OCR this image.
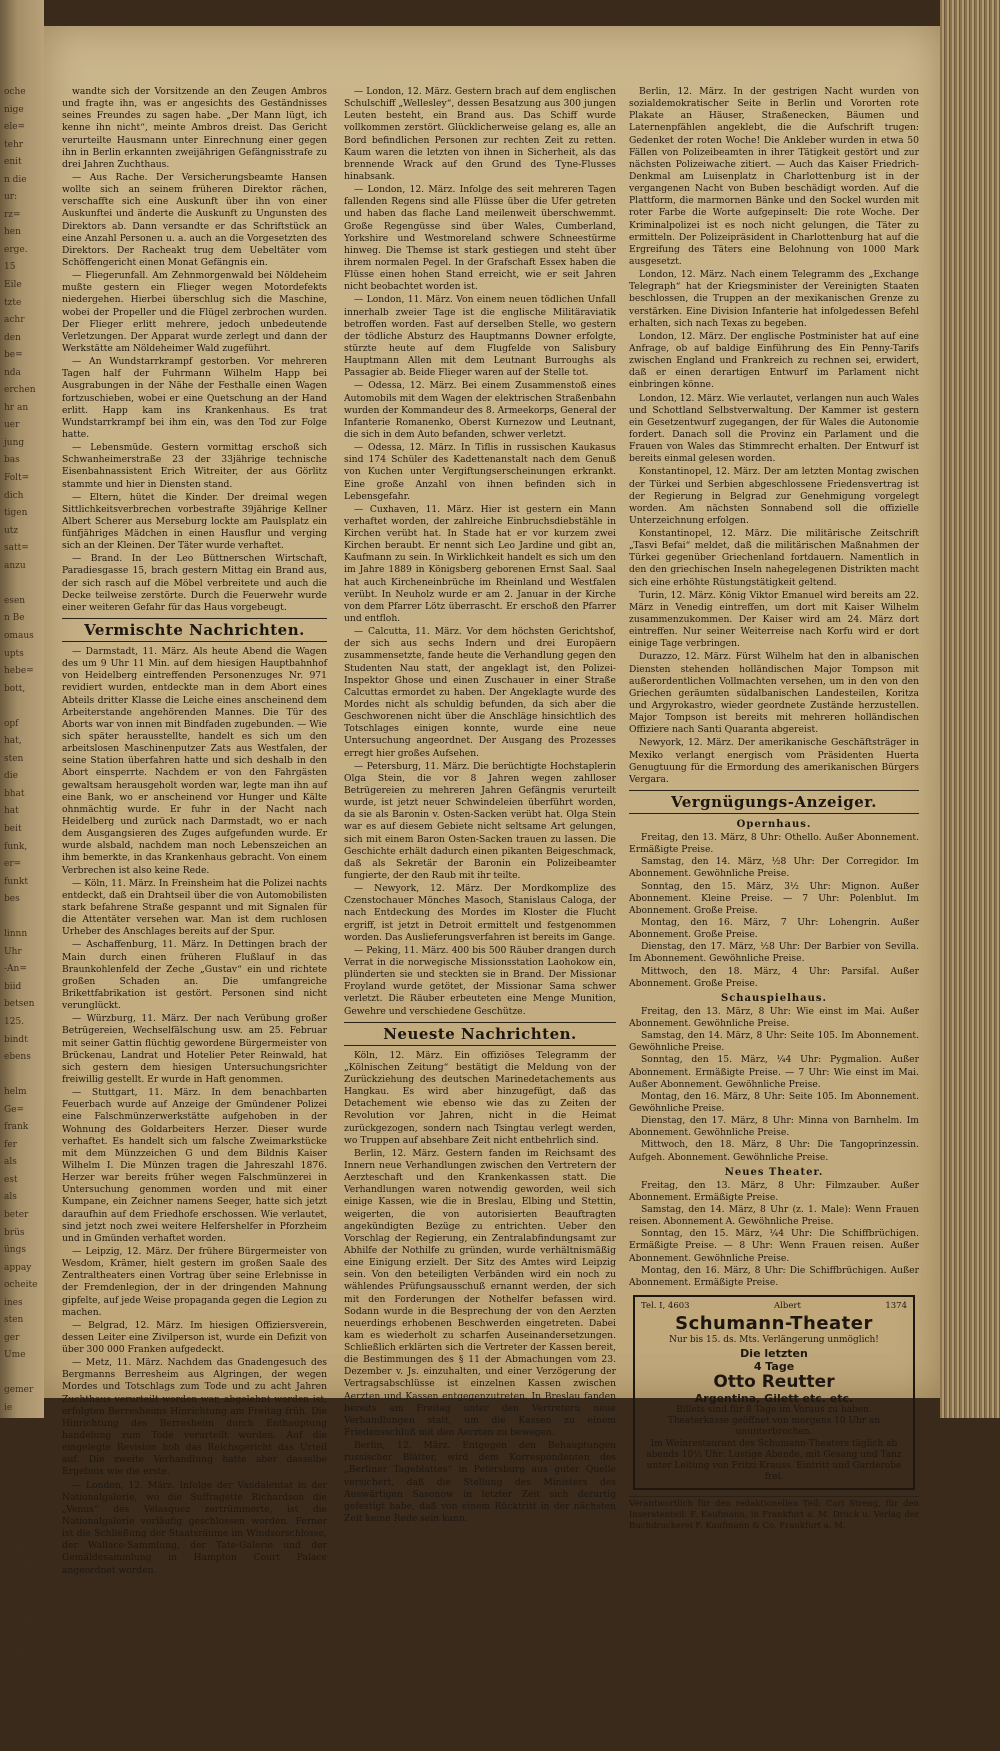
oche
nige
ele=
tehr
enit
n die
ur:
rz=
hen
erge.
15
Eile
tzte
achr
den
be=
nda
erchen
hr an
uer
jung
bas
Folt=
dich
tigen
utz
satt=
anzu

esen
n Be
omaus
upts
hebe=
bott,

opf
hat,
sten
die
bhat
hat
beit
funk,
er=
funkt
bes

linnn
Uhr
-An=
biid
betsen
125.
bindt
ebens

helm
Ge=
frank
fer
als
est
als
beter
brüs
üngs
appay
ocheite
ines
sten
ger
Ume

gemer
ie
zul
hie
chi
weniger
löse
wards

fennen
brecht
aruen
reine
belcher
Haus
nalms
Ber
bulen
belons
rthe
1 Han

wandte sich der Vorsitzende an den Zeugen Ambros und fragte ihn, was er angesichts des Geständnisses seines Freundes zu sagen habe. „Der Mann lügt, ich kenne ihn nicht“, meinte Ambros dreist. Das Gericht verurteilte Hausmann unter Einrechnung einer gegen ihn in Berlin erkannten zweijährigen Gefängnisstrafe zu drei Jahren Zuchthaus.

— Aus Rache. Der Versicherungsbeamte Hansen wollte sich an seinem früheren Direktor rächen, verschaffte sich eine Auskunft über ihn von einer Auskunftei und änderte die Auskunft zu Ungunsten des Direktors ab. Dann versandte er das Schriftstück an eine Anzahl Personen u. a. auch an die Vorgesetzten des Direktors. Der Racheakt trug dem Uebeltäter vom Schöffengericht einen Monat Gefängnis ein.

— Fliegerunfall. Am Zehnmorgenwald bei Nöldeheim mußte gestern ein Flieger wegen Motordefekts niedergehen. Hierbei überschlug sich die Maschine, wobei der Propeller und die Flügel zerbrochen wurden. Der Flieger erlitt mehrere, jedoch unbedeutende Verletzungen. Der Apparat wurde zerlegt und dann der Werkstätte am Nöldeheimer Wald zugeführt.

— An Wundstarrkrampf gestorben. Vor mehreren Tagen half der Fuhrmann Wilhelm Happ bei Ausgrabungen in der Nähe der Festhalle einen Wagen fortzuschieben, wobei er eine Quetschung an der Hand erlitt. Happ kam ins Krankenhaus. Es trat Wundstarrkrampf bei ihm ein, was den Tod zur Folge hatte.

— Lebensmüde. Gestern vormittag erschoß sich Schwanheimerstraße 23 der 33jährige technische Eisenbahnassistent Erich Witreiter, der aus Görlitz stammte und hier in Diensten stand.

— Eltern, hütet die Kinder. Der dreimal wegen Sittlichkeitsverbrechen vorbestrafte 39jährige Kellner Albert Scherer aus Merseburg lockte am Paulsplatz ein fünfjähriges Mädchen in einen Hausflur und verging sich an der Kleinen. Der Täter wurde verhaftet.

— Brand. In der Leo Büttnerschen Wirtschaft, Paradiesgasse 15, brach gestern Mittag ein Brand aus, der sich rasch auf die Möbel verbreitete und auch die Decke teilweise zerstörte. Durch die Feuerwehr wurde einer weiteren Gefahr für das Haus vorgebeugt.

Vermischte Nachrichten.

— Darmstadt, 11. März. Als heute Abend die Wagen des um 9 Uhr 11 Min. auf dem hiesigen Hauptbahnhof von Heidelberg eintreffenden Personenzuges Nr. 971 revidiert wurden, entdeckte man in dem Abort eines Abteils dritter Klasse die Leiche eines anscheinend dem Arbeiterstande angehörenden Mannes. Die Tür des Aborts war von innen mit Bindfaden zugebunden. — Wie sich später herausstellte, handelt es sich um den arbeitslosen Maschinenputzer Zats aus Westfalen, der seine Station überfahren hatte und sich deshalb in den Abort einsperrte. Nachdem er von den Fahrgästen gewaltsam herausgeholt worden war, legte man ihn auf eine Bank, wo er anscheinend vor Hunger und Kälte ohnmächtig wurde. Er fuhr in der Nacht nach Heidelberg und zurück nach Darmstadt, wo er nach dem Ausgangsieren des Zuges aufgefunden wurde. Er wurde alsbald, nachdem man noch Lebenszeichen an ihm bemerkte, in das Krankenhaus gebracht. Von einem Verbrechen ist also keine Rede.

— Köln, 11. März. In Freinsheim hat die Polizei nachts entdeckt, daß ein Drahtseil über die von Automobilisten stark befahrene Straße gespannt und mit Signalen für die Attentäter versehen war. Man ist dem ruchlosen Urheber des Anschlages bereits auf der Spur.

— Aschaffenburg, 11. März. In Dettingen brach der Main durch einen früheren Flußlauf in das Braunkohlenfeld der Zeche „Gustav“ ein und richtete großen Schaden an. Die umfangreiche Brikettfabrikation ist gestört. Personen sind nicht verunglückt.

— Würzburg, 11. März. Der nach Verübung großer Betrügereien, Wechselfälschung usw. am 25. Februar mit seiner Gattin flüchtig gewordene Bürgermeister von Brückenau, Landrat und Hotelier Peter Reinwald, hat sich gestern dem hiesigen Untersuchungsrichter freiwillig gestellt. Er wurde in Haft genommen.

— Stuttgart, 11. März. In dem benachbarten Feuerbach wurde auf Anzeige der Gmündener Polizei eine Falschmünzerwerkstätte aufgehoben in der Wohnung des Goldarbeiters Herzer. Dieser wurde verhaftet. Es handelt sich um falsche Zweimarkstücke mit dem Münzzeichen G und dem Bildnis Kaiser Wilhelm I. Die Münzen tragen die Jahreszahl 1876. Herzer war bereits früher wegen Falschmünzerei in Untersuchung genommen worden und mit einer Kumpane, ein Zeichner namens Seeger, hatte sich jetzt daraufhin auf dem Friedhofe erschossen. Wie verlautet, sind jetzt noch zwei weitere Helfershelfer in Pforzheim und in Gmünden verhaftet worden.

— Leipzig, 12. März. Der frühere Bürgermeister von Wesdom, Krämer, hielt gestern im großen Saale des Zentraltheaters einen Vortrag über seine Erlebnisse in der Fremdenlegion, der in der dringenden Mahnung gipfelte, auf jede Weise propaganda gegen die Legion zu machen.

— Belgrad, 12. März. Im hiesigen Offiziersverein, dessen Leiter eine Zivilperson ist, wurde ein Defizit von über 300 000 Franken aufgedeckt.

— Metz, 11. März. Nachdem das Gnadengesuch des Bergmanns Berresheim aus Algringen, der wegen Mordes und Totschlags zum Tode und zu acht Jahren Zuchthaus verurteilt worden war, abgelehnt worden ist, erfolgten Berresheims Hinrichtung am Freitag früh. Die Hinrichtung des Berresheim durch Enthauptung handelung zum Tode verurteilt worden. Auf die eingelegte Revision hob das Reichsgericht das Urteil auf. Die zweite Verhandlung hatte aber dasselbe Ergebnis wie die erste.

— London, 12. März. Infolge der Vandalentat in der Nationalgalerie, wo die Suffragette Richardson die „Venus“ des Velasquez zertrümmerte, ist die Nationalgalerie vorläufig geschlossen worden. Ferner ist die Schließung der Staatsräume im Windsorschlosse, der Wallace-Sammlung, der Tate-Galerie und der Gemäldesammlung in Hampton Court Palace angeordnet worden.

— London, 12. März. Gestern brach auf dem englischen Schulschiff „Wellesley“, dessen Besatzung aus 300 jungen Leuten besteht, ein Brand aus. Das Schiff wurde vollkommen zerstört. Glücklicherweise gelang es, alle an Bord befindlichen Personen zur rechten Zeit zu retten. Kaum waren die letzten von ihnen in Sicherheit, als das brennende Wrack auf den Grund des Tyne-Flusses hinabsank.

— London, 12. März. Infolge des seit mehreren Tagen fallenden Regens sind alle Flüsse über die Ufer getreten und haben das flache Land meilenweit überschwemmt. Große Regengüsse sind über Wales, Cumberland, Yorkshire und Westmoreland schwere Schneestürme hinweg. Die Themse ist stark gestiegen und steht über ihrem normalen Pegel. In der Grafschaft Essex haben die Flüsse einen hohen Stand erreicht, wie er seit Jahren nicht beobachtet worden ist.

— London, 11. März. Von einem neuen tödlichen Unfall innerhalb zweier Tage ist die englische Militäraviatik betroffen worden. Fast auf derselben Stelle, wo gestern der tödliche Absturz des Hauptmanns Downer erfolgte, stürzte heute auf dem Flugfelde von Salisbury Hauptmann Allen mit dem Leutnant Burroughs als Passagier ab. Beide Flieger waren auf der Stelle tot.

— Odessa, 12. März. Bei einem Zusammenstoß eines Automobils mit dem Wagen der elektrischen Straßenbahn wurden der Kommandeur des 8. Armeekorps, General der Infanterie Romanenko, Oberst Kurnezow und Leutnant, die sich in dem Auto befanden, schwer verletzt.

— Odessa, 12. März. In Tiflis in russischen Kaukasus sind 174 Schüler des Kadettenanstalt nach dem Genuß von Kuchen unter Vergiftungserscheinungen erkrankt. Eine große Anzahl von ihnen befinden sich in Lebensgefahr.

— Cuxhaven, 11. März. Hier ist gestern ein Mann verhaftet worden, der zahlreiche Einbruchsdiebstähle in Kirchen verübt hat. In Stade hat er vor kurzem zwei Kirchen beraubt. Er nennt sich Leo Jardine und gibt an, Kaufmann zu sein. In Wirklichkeit handelt es sich um den im Jahre 1889 in Königsberg geborenen Ernst Saal. Saal hat auch Kircheneinbrüche im Rheinland und Westfalen verübt. In Neuholz wurde er am 2. Januar in der Kirche von dem Pfarrer Lötz überrascht. Er erschoß den Pfarrer und entfloh.

— Calcutta, 11. März. Vor dem höchsten Gerichtshof, der sich aus sechs Indern und drei Europäern zusammensetzte, fande heute die Verhandlung gegen den Studenten Nau statt, der angeklagt ist, den Polizei-Inspektor Ghose und einen Zuschauer in einer Straße Calcuttas ermordet zu haben. Der Angeklagte wurde des Mordes nicht als schuldig befunden, da sich aber die Geschworenen nicht über die Anschläge hinsichtlich des Totschlages einigen konnte, wurde eine neue Untersuchung angeordnet. Der Ausgang des Prozesses erregt hier großes Aufsehen.

— Petersburg, 11. März. Die berüchtigte Hochstaplerin Olga Stein, die vor 8 Jahren wegen zahlloser Betrügereien zu mehreren Jahren Gefängnis verurteilt wurde, ist jetzt neuer Schwindeleien überführt worden, da sie als Baronin v. Osten-Sacken verübt hat. Olga Stein war es auf diesem Gebiete nicht seltsame Art gelungen, sich mit einem Baron Osten-Sacken trauen zu lassen. Die Geschichte erhält dadurch einen pikanten Beigeschmack, daß als Sekretär der Baronin ein Polizeibeamter fungierte, der den Raub mit ihr teilte.

— Newyork, 12. März. Der Mordkomplize des Czenstochauer Mönches Masoch, Stanislaus Caloga, der nach Entdeckung des Mordes im Kloster die Flucht ergriff, ist jetzt in Detroit ermittelt und festgenommen worden. Das Auslieferungsverfahren ist bereits im Gange.

— Peking, 11. März. 400 bis 500 Räuber drangen durch Verrat in die norwegische Missionsstation Laohokow ein, plünderten sie und steckten sie in Brand. Der Missionar Froyland wurde getötet, der Missionar Sama schwer verletzt. Die Räuber erbeuteten eine Menge Munition, Gewehre und verschiedene Geschütze.

Neueste Nachrichten.

Köln, 12. März. Ein offiziöses Telegramm der „Kölnischen Zeitung“ bestätigt die Meldung von der Zurückziehung des deutschen Marinedetachements aus Hangkau. Es wird aber hinzugefügt, daß das Detachement wie ebenso wie das zu Zeiten der Revolution vor Jahren, nicht in die Heimat zurückgezogen, sondern nach Tsingtau verlegt werden, wo Truppen auf absehbare Zeit nicht entbehrlich sind.

Berlin, 12. März. Gestern fanden im Reichsamt des Innern neue Verhandlungen zwischen den Vertretern der Aerzteschaft und den Krankenkassen statt. Die Verhandlungen waren notwendig geworden, weil sich einige Kassen, wie die in Breslau, Elbing und Stettin, weigerten, die von autorisierten Beauftragten angekündigten Bezüge zu entrichten. Ueber den Vorschlag der Regierung, ein Zentralabfindungsamt zur Abhilfe der Nothilfe zu gründen, wurde verhältnismäßig eine Einigung erzielt. Der Sitz des Amtes wird Leipzig sein. Von den beteiligten Verbänden wird ein noch zu wählendes Prüfungsausschuß ernannt werden, der sich mit den Forderungen der Nothelfer befassen wird. Sodann wurde in die Besprechung der von den Aerzten neuerdings erhobenen Beschwerden eingetreten. Dabei kam es wiederholt zu scharfen Auseinandersetzungen. Schließlich erklärten sich die Vertreter der Kassen bereit, die Bestimmungen des § 11 der Abmachungen vom 23. Dezember v. Js. einzuhalten, und einer Verzögerung der Vertragsabschlüsse ist einzelnen Kassen zwischen Aerzten und Kassen entgegenzutreten. In Breslau fanden bereits am Freitag unter den Vertretern neue Verhandlungen statt, um die Kassen zu einem Friedensschluß mit den Aerzten zu bewegen.

Berlin, 12. März. Entgegen den Behauptungen russischer Blätter, wird dem Korrespondenten des „Berliner Tageblattes“ in Petersburg aus guter Quelle versichert, daß die Stellung des Ministers des Auswärtigen Sasonow in letzter Zeit sich derartig gefestigt habe, daß von einem Rücktritt in der nächsten Zeit keine Rede sein kann.

Berlin, 12. März. In der gestrigen Nacht wurden von sozialdemokratischer Seite in Berlin und Vororten rote Plakate an Häuser, Straßenecken, Bäumen und Laternenpfählen angeklebt, die die Aufschrift trugen: Gedenket der roten Woche! Die Ankleber wurden in etwa 50 Fällen von Polizeibeamten in ihrer Tätigkeit gestört und zur nächsten Polizeiwache zitiert. — Auch das Kaiser Friedrich-Denkmal am Luisenplatz in Charlottenburg ist in der vergangenen Nacht von Buben beschädigt worden. Auf die Plattform, die marmornen Bänke und den Sockel wurden mit roter Farbe die Worte aufgepinselt: Die rote Woche. Der Kriminalpolizei ist es noch nicht gelungen, die Täter zu ermitteln. Der Polizeipräsident in Charlottenburg hat auf die Ergreifung des Täters eine Belohnung von 1000 Mark ausgesetzt.

London, 12. März. Nach einem Telegramm des „Exchange Telegraph“ hat der Kriegsminister der Vereinigten Staaten beschlossen, die Truppen an der mexikanischen Grenze zu verstärken. Eine Division Infanterie hat infolgedessen Befehl erhalten, sich nach Texas zu begeben.

London, 12. März. Der englische Postminister hat auf eine Anfrage, ob auf baldige Einführung des Ein Penny-Tarifs zwischen England und Frankreich zu rechnen sei, erwidert, daß er einen derartigen Entwurf im Parlament nicht einbringen könne.

London, 12. März. Wie verlautet, verlangen nun auch Wales und Schottland Selbstverwaltung. Der Kammer ist gestern ein Gesetzentwurf zugegangen, der für Wales die Autonomie fordert. Danach soll die Provinz ein Parlament und die Frauen von Wales das Stimmrecht erhalten. Der Entwurf ist bereits einmal gelesen worden.

Konstantinopel, 12. März. Der am letzten Montag zwischen der Türkei und Serbien abgeschlossene Friedensvertrag ist der Regierung in Belgrad zur Genehmigung vorgelegt worden. Am nächsten Sonnabend soll die offizielle Unterzeichnung erfolgen.

Konstantinopel, 12. März. Die militärische Zeitschrift „Tasvi Befai“ meldet, daß die militärischen Maßnahmen der Türkei gegenüber Griechenland fortdauern. Namentlich in den den griechischen Inseln nahegelegenen Distrikten macht sich eine erhöhte Rüstungstätigkeit geltend.

Turin, 12. März. König Viktor Emanuel wird bereits am 22. März in Venedig eintreffen, um dort mit Kaiser Wilhelm zusammenzukommen. Der Kaiser wird am 24. März dort eintreffen. Nur seiner Weiterreise nach Korfu wird er dort einige Tage verbringen.

Durazzo, 12. März. Fürst Wilhelm hat den in albanischen Diensten stehenden holländischen Major Tompson mit außerordentlichen Vollmachten versehen, um in den von den Griechen geräumten südalbanischen Landesteilen, Koritza und Argyrokastro, wieder geordnete Zustände herzustellen. Major Tompson ist bereits mit mehreren holländischen Offiziere nach Santi Quaranta abgereist.

Newyork, 12. März. Der amerikanische Geschäftsträger in Mexiko verlangt energisch vom Präsidenten Huerta Genugtuung für die Ermordung des amerikanischen Bürgers Vergara.

Vergnügungs-Anzeiger.
Opernhaus.

Freitag, den 13. März, 8 Uhr: Othello. Außer Abonnement. Ermäßigte Preise.

Samstag, den 14. März, ½8 Uhr: Der Corregidor. Im Abonnement. Gewöhnliche Preise.

Sonntag, den 15. März, 3½ Uhr: Mignon. Außer Abonnement. Kleine Preise. — 7 Uhr: Polenblut. Im Abonnement. Große Preise.

Montag, den 16. März, 7 Uhr: Lohengrin. Außer Abonnement. Große Preise.

Dienstag, den 17. März, ½8 Uhr: Der Barbier von Sevilla. Im Abonnement. Gewöhnliche Preise.

Mittwoch, den 18. März, 4 Uhr: Parsifal. Außer Abonnement. Große Preise.

Schauspielhaus.

Freitag, den 13. März, 8 Uhr: Wie einst im Mai. Außer Abonnement. Gewöhnliche Preise.

Samstag, den 14. März, 8 Uhr: Seite 105. Im Abonnement. Gewöhnliche Preise.

Sonntag, den 15. März, ¼4 Uhr: Pygmalion. Außer Abonnement. Ermäßigte Preise. — 7 Uhr: Wie einst im Mai. Außer Abonnement. Gewöhnliche Preise.

Montag, den 16. März, 8 Uhr: Seite 105. Im Abonnement. Gewöhnliche Preise.

Dienstag, den 17. März, 8 Uhr: Minna von Barnhelm. Im Abonnement. Gewöhnliche Preise.

Mittwoch, den 18. März, 8 Uhr: Die Tangoprinzessin. Aufgeh. Abonnement. Gewöhnliche Preise.

Neues Theater.

Freitag, den 13. März, 8 Uhr: Filmzauber. Außer Abonnement. Ermäßigte Preise.

Samstag, den 14. März, 8 Uhr (z. 1. Male): Wenn Frauen reisen. Abonnement A. Gewöhnliche Preise.

Sonntag, den 15. März, ¼4 Uhr: Die Schiffbrüchigen. Ermäßigte Preise. — 8 Uhr: Wenn Frauen reisen. Außer Abonnement. Gewöhnliche Preise.

Montag, den 16. März, 8 Uhr: Die Schiffbrüchigen. Außer Abonnement. Ermäßigte Preise.

Tel. I, 4603	Albert	1374
Schumann-Theater
Nur bis 15. ds. Mts. Verlängerung unmöglich!
Die letzten
4 Tage
Otto Reutter
Argentina, Gilett etc. etc.
Billets sind für 8 Tage im Voraus zu haben.
Theaterkasse geöffnet von morgens 10 Uhr an ununterbrochen.
Im Weinrestaurant des Schumann-Theaters täglich ab abends 10½ Uhr: Lustige Abende, mit Gesang und Tanz unter Leitung von Fritzi Krauss. Eintritt und Garderobe frei.
Verantwortlich für den redaktionellen Teil: Carl Streng, für den Inseratenteil: F. Kaufmann, in Frankfurt a. M. Druck u. Verlag der Buchdruckerei F. Kaufmann & Co. Frankfurt a. M.
